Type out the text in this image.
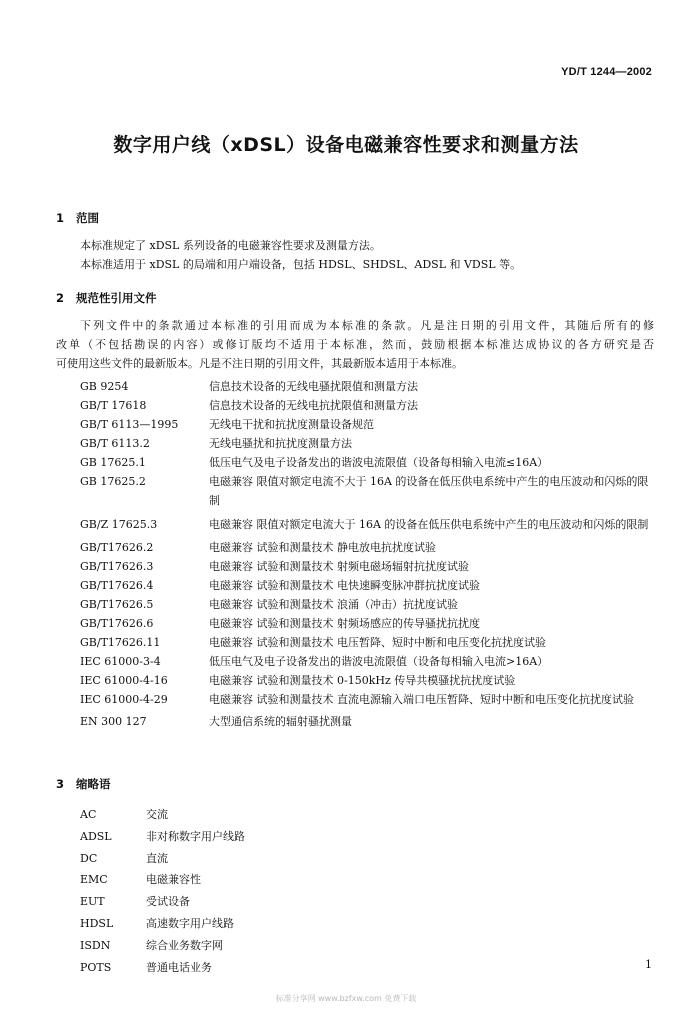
YD/T 1244—2002
数字用户线（xDSL）设备电磁兼容性要求和测量方法
1 范围
本标准规定了 xDSL 系列设备的电磁兼容性要求及测量方法。
本标准适用于 xDSL 的局端和用户端设备，包括 HDSL、SHDSL、ADSL 和 VDSL 等。
2 规范性引用文件
下列文件中的条款通过本标准的引用而成为本标准的条款。凡是注日期的引用文件，其随后所有的修
改单（不包括勘误的内容）或修订版均不适用于本标准，然而，鼓励根据本标准达成协议的各方研究是否
可使用这些文件的最新版本。凡是不注日期的引用文件，其最新版本适用于本标准。
GB 9254	信息技术设备的无线电骚扰限值和测量方法
GB/T 17618	信息技术设备的无线电抗扰限值和测量方法
GB/T 6113—1995	无线电干扰和抗扰度测量设备规范
GB/T 6113.2	无线电骚扰和抗扰度测量方法
GB 17625.1	低压电气及电子设备发出的谐波电流限值（设备每相输入电流≤16A）
GB 17625.2	电磁兼容 限值对额定电流不大于 16A 的设备在低压供电系统中产生的电压波动和闪烁的限制
GB/Z 17625.3	电磁兼容 限值对额定电流大于 16A 的设备在低压供电系统中产生的电压波动和闪烁的限制
GB/T17626.2	电磁兼容 试验和测量技术 静电放电抗扰度试验
GB/T17626.3	电磁兼容 试验和测量技术 射频电磁场辐射抗扰度试验
GB/T17626.4	电磁兼容 试验和测量技术 电快速瞬变脉冲群抗扰度试验
GB/T17626.5	电磁兼容 试验和测量技术 浪涌（冲击）抗扰度试验
GB/T17626.6	电磁兼容 试验和测量技术 射频场感应的传导骚扰抗扰度
GB/T17626.11	电磁兼容 试验和测量技术 电压暂降、短时中断和电压变化抗扰度试验
IEC 61000-3-4	低压电气及电子设备发出的谐波电流限值（设备每相输入电流>16A）
IEC 61000-4-16	电磁兼容 试验和测量技术 0-150kHz 传导共模骚扰抗扰度试验
IEC 61000-4-29	电磁兼容 试验和测量技术 直流电源输入端口电压暂降、短时中断和电压变化抗扰度试验
EN 300 127	大型通信系统的辐射骚扰测量
3 缩略语
AC	交流
ADSL	非对称数字用户线路
DC	直流
EMC	电磁兼容性
EUT	受试设备
HDSL	高速数字用户线路
ISDN	综合业务数字网
POTS	普通电话业务	1
标准分享网 www.bzfxw.com 免费下载
